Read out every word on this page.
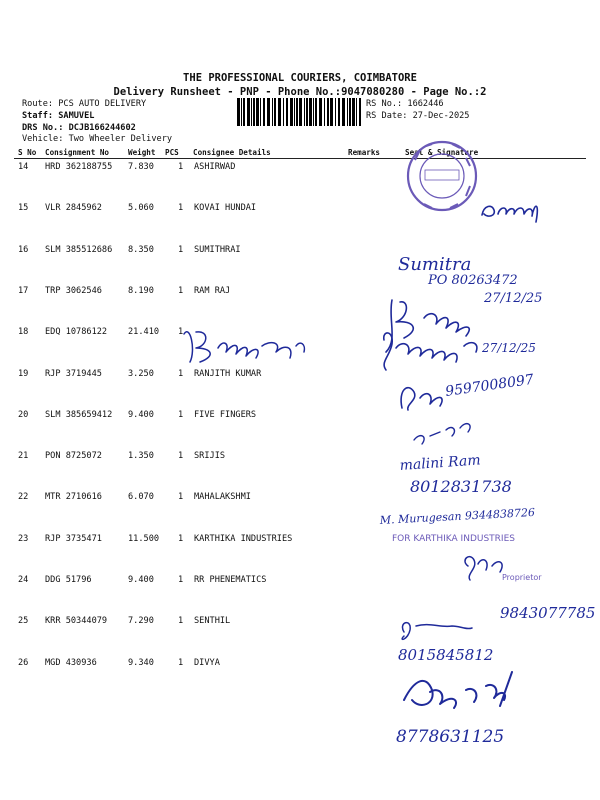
THE PROFESSIONAL COURIERS, COIMBATORE
Delivery Runsheet - PNP - Phone No.:9047080280 - Page No.:2
Route: PCS AUTO DELIVERY
Staff: SAMUVEL
DRS No.: DCJB166244602
Vehicle: Two Wheeler Delivery
RS No.: 1662446
RS Date: 27-Dec-2025
S No Consignment No Weight PCS Consignee Details	Remarks	Seal & Signature
14 HRD 362188755 7.830	1 ASHIRWAD
15 VLR 2845962	5.060	1 KOVAI HUNDAI
16 SLM 385512686 8.350	1 SUMITHRAI
17 TRP 3062546	8.190	1 RAM RAJ
18 EDQ 10786122 21.410 1
19 RJP 3719445	3.250	1 RANJITH KUMAR
20 SLM 385659412 9.400	1 FIVE FINGERS
21 PON 8725072	1.350	1 SRIJIS
22 MTR 2710616	6.070	1 MAHALAKSHMI
23 RJP 3735471	11.500 1 KARTHIKA INDUSTRIES
24 DDG 51796	9.400	1 RR PHENEMATICS
25 KRR 50344079 7.290	1 SENTHIL
26 MGD 430936	9.340	1 DIVYA
Sumitra
PO 80263472
27/12/25
27/12/25
9597008097
malini Ram
8012831738
M. Murugesan 9344838726
FOR KARTHIKA INDUSTRIES
Proprietor
9843077785
8015845812
8778631125
